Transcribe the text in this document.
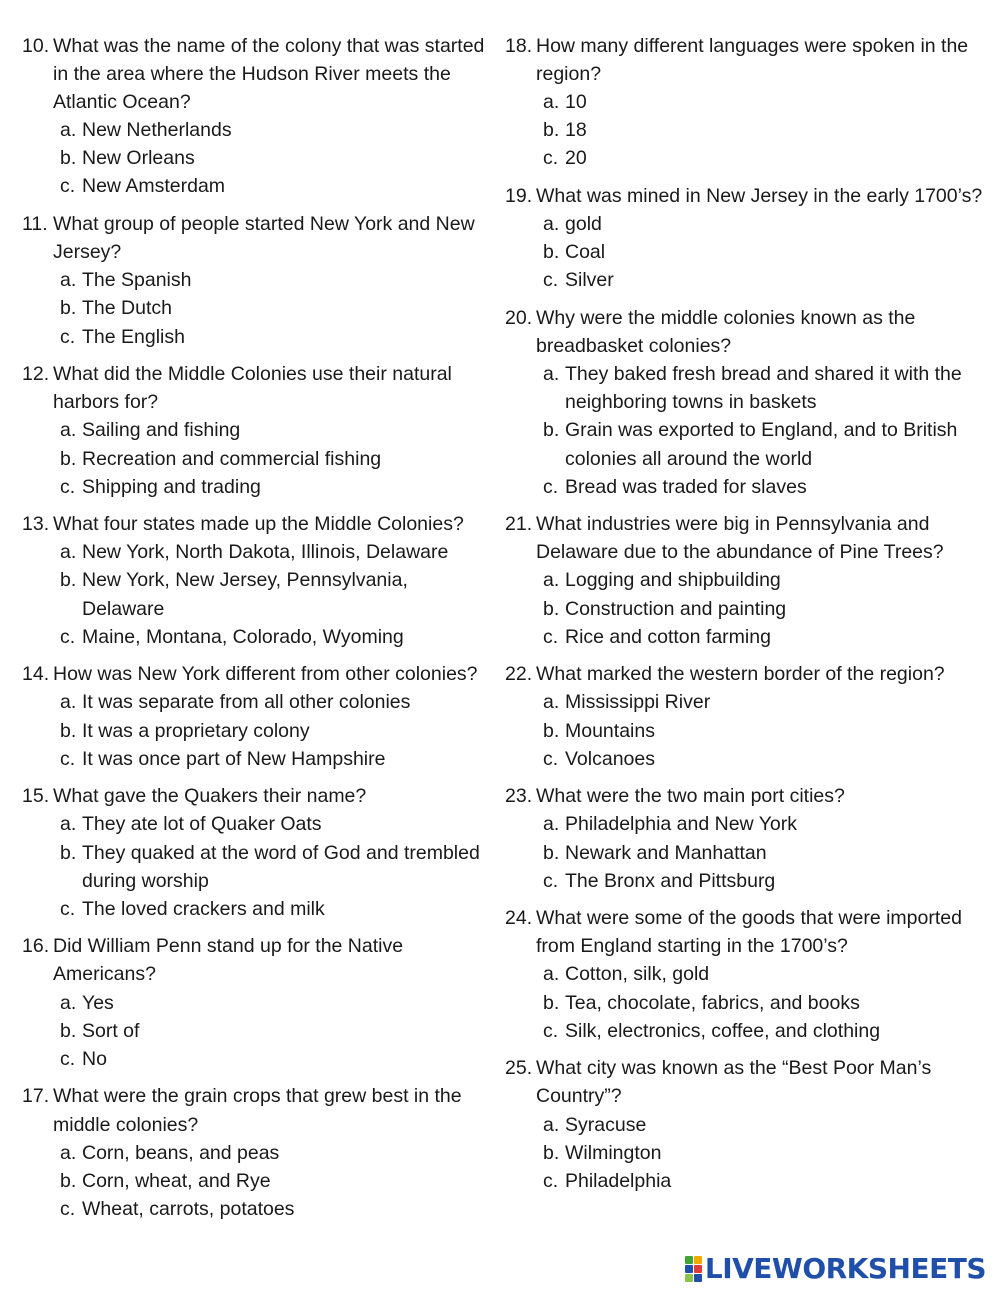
10. What was the name of the colony that was started in the area where the Hudson River meets the Atlantic Ocean?
a. New Netherlands
b. New Orleans
c. New Amsterdam
11. What group of people started New York and New Jersey?
a. The Spanish
b. The Dutch
c. The English
12. What did the Middle Colonies use their natural harbors for?
a. Sailing and fishing
b. Recreation and commercial fishing
c. Shipping and trading
13. What four states made up the Middle Colonies?
a. New York, North Dakota, Illinois, Delaware
b. New York, New Jersey, Pennsylvania, Delaware
c. Maine, Montana, Colorado, Wyoming
14. How was New York different from other colonies?
a. It was separate from all other colonies
b. It was a proprietary colony
c. It was once part of New Hampshire
15. What gave the Quakers their name?
a. They ate lot of Quaker Oats
b. They quaked at the word of God and trembled during worship
c. The loved crackers and milk
16. Did William Penn stand up for the Native Americans?
a. Yes
b. Sort of
c. No
17. What were the grain crops that grew best in the middle colonies?
a. Corn, beans, and peas
b. Corn, wheat, and Rye
c. Wheat, carrots, potatoes
18. How many different languages were spoken in the region?
a. 10
b. 18
c. 20
19. What was mined in New Jersey in the early 1700’s?
a. gold
b. Coal
c. Silver
20. Why were the middle colonies known as the breadbasket colonies?
a. They baked fresh bread and shared it with the neighboring towns in baskets
b. Grain was exported to England, and to British colonies all around the world
c. Bread was traded for slaves
21. What industries were big in Pennsylvania and Delaware due to the abundance of Pine Trees?
a. Logging and shipbuilding
b. Construction and painting
c. Rice and cotton farming
22. What marked the western border of the region?
a. Mississippi River
b. Mountains
c. Volcanoes
23. What were the two main port cities?
a. Philadelphia and New York
b. Newark and Manhattan
c. The Bronx and Pittsburg
24. What were some of the goods that were imported from England starting in the 1700’s?
a. Cotton, silk, gold
b. Tea, chocolate, fabrics, and books
c. Silk, electronics, coffee, and clothing
25. What city was known as the “Best Poor Man’s Country”?
a. Syracuse
b. Wilmington
c. Philadelphia
LIVEWORKSHEETS
